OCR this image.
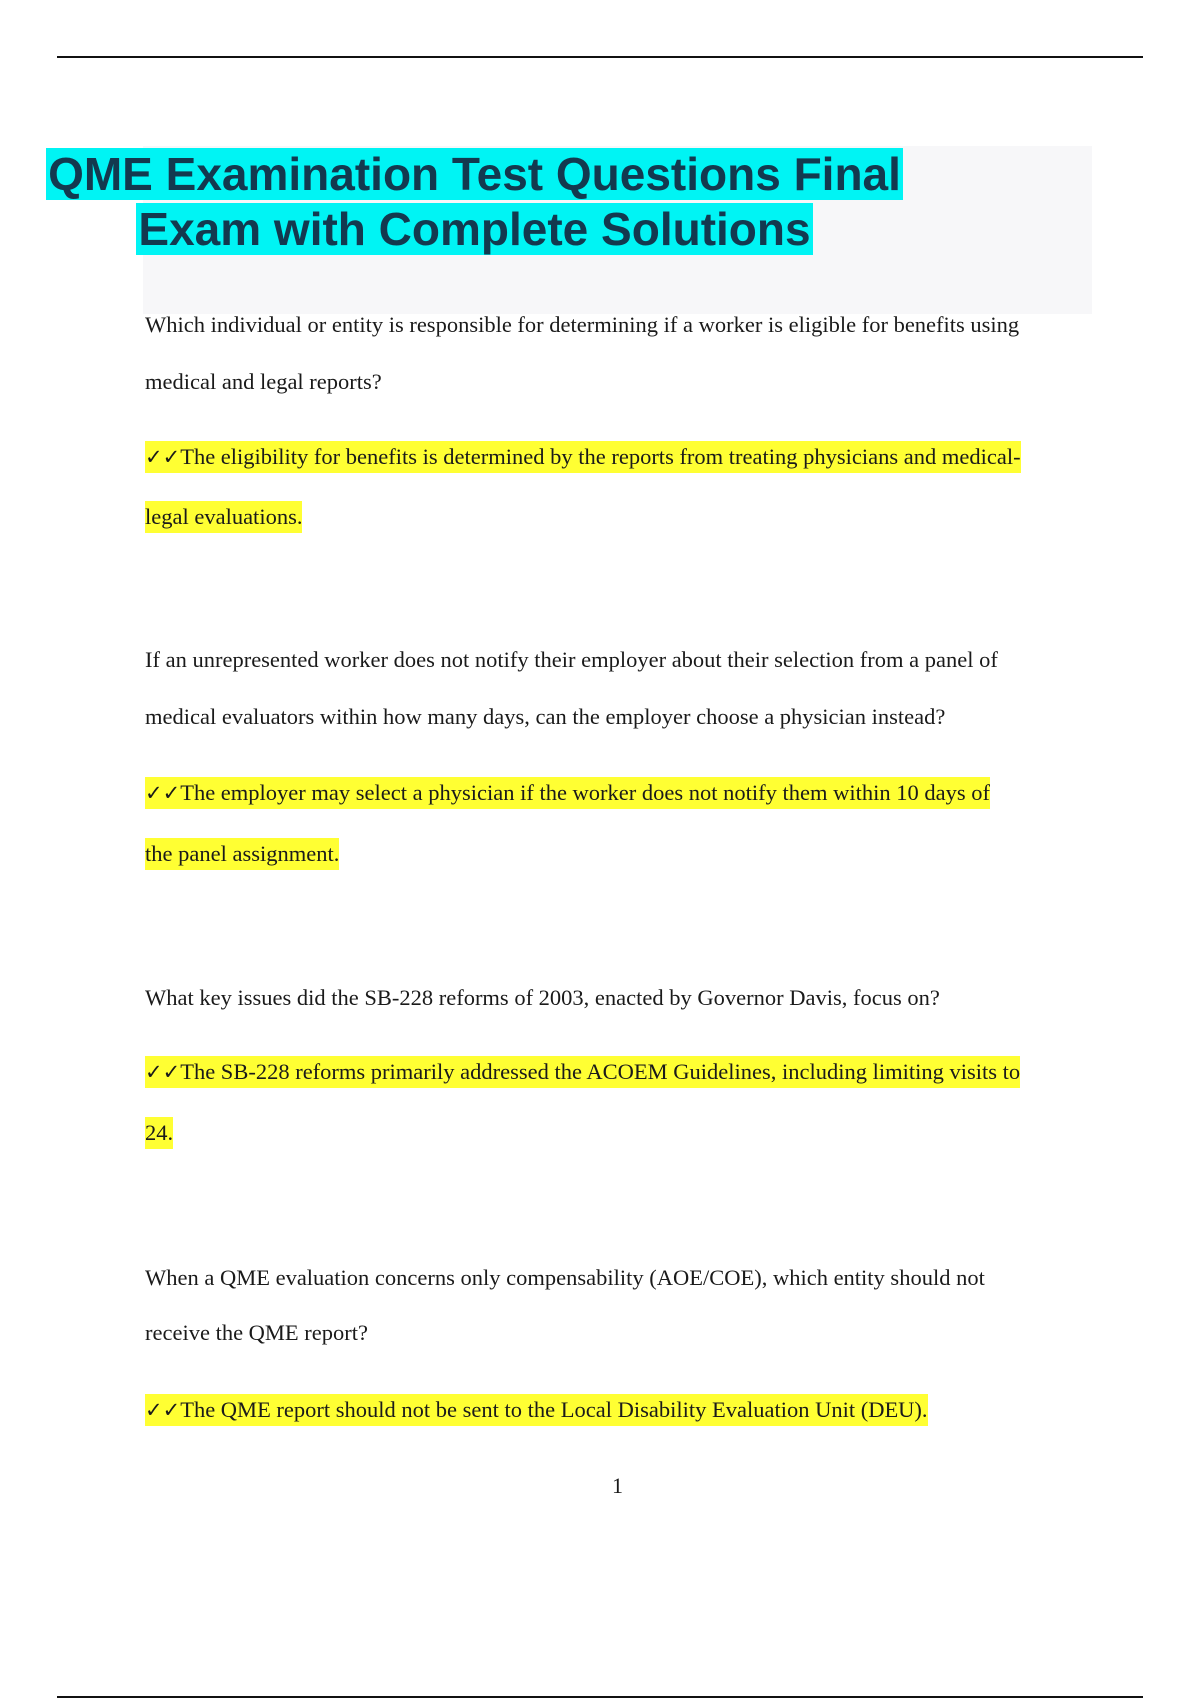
QME Examination Test Questions Final

Exam with Complete Solutions

Which individual or entity is responsible for determining if a worker is eligible for benefits using

medical and legal reports?

✓✓The eligibility for benefits is determined by the reports from treating physicians and medical-

legal evaluations.

If an unrepresented worker does not notify their employer about their selection from a panel of

medical evaluators within how many days, can the employer choose a physician instead?

✓✓The employer may select a physician if the worker does not notify them within 10 days of

the panel assignment.

What key issues did the SB-228 reforms of 2003, enacted by Governor Davis, focus on?

✓✓The SB-228 reforms primarily addressed the ACOEM Guidelines, including limiting visits to

24.

When a QME evaluation concerns only compensability (AOE/COE), which entity should not

receive the QME report?

✓✓The QME report should not be sent to the Local Disability Evaluation Unit (DEU).

1
